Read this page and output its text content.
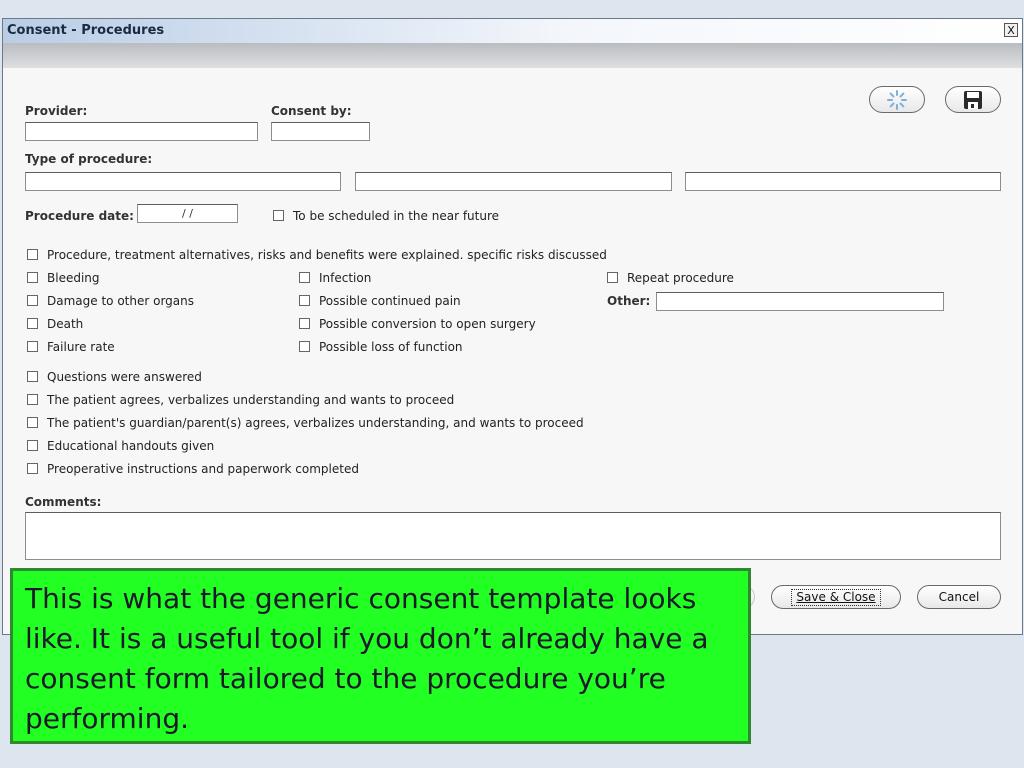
Consent - Procedures	X
Provider:	Consent by:
Type of procedure:
Procedure date:
/ /	To be scheduled in the near future
Procedure, treatment alternatives, risks and benefits were explained. specific risks discussed
Bleeding
Damage to other organs
Death
Failure rate
Infection
Possible continued pain
Possible conversion to open surgery
Possible loss of function
Repeat procedure
Other:
Questions were answered
The patient agrees, verbalizes understanding and wants to proceed
The patient's guardian/parent(s) agrees, verbalizes understanding, and wants to proceed
Educational handouts given
Preoperative instructions and paperwork completed
Comments:
Save & Close	Cancel
This is what the generic consent template looks like. It is a useful tool if you don’t already have a consent form tailored to the procedure you’re performing.
